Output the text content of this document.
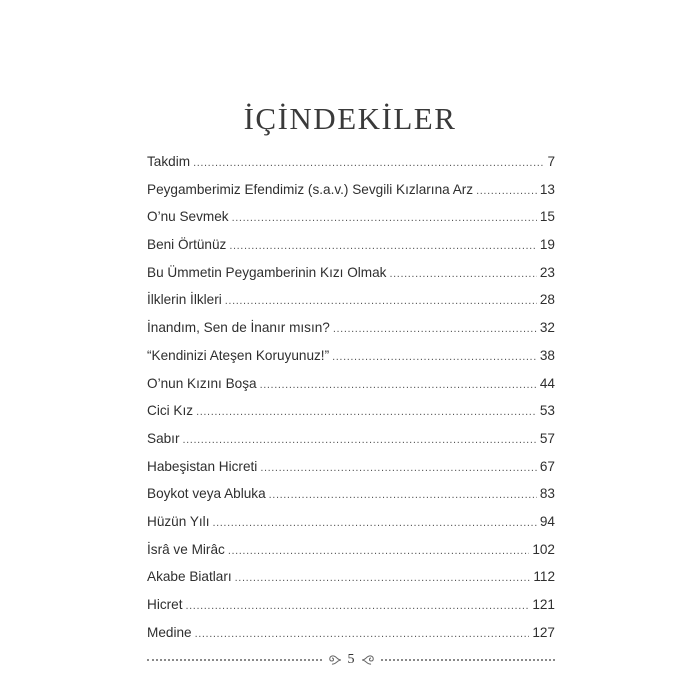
İÇİNDEKİLER
Takdim .....	7
Peygamberimiz Efendimiz (s.a.v.) Sevgili Kızlarına Arz .....	13
O’nu Sevmek .....	15
Beni Örtünüz .....	19
Bu Ümmetin Peygamberinin Kızı Olmak .....	23
İlklerin İlkleri .....	28
İnandım, Sen de İnanır mısın? .....	32
“Kendinizi Ateşen Koruyunuz!” .....	38
O’nun Kızını Boşa .....	44
Cici Kız .....	53
Sabır .....	57
Habeşistan Hicreti .....	67
Boykot veya Abluka .....	83
Hüzün Yılı .....	94
İsrâ ve Mirâc .....	102
Akabe Biatları .....	112
Hicret .....	121
Medine .....	127
5
